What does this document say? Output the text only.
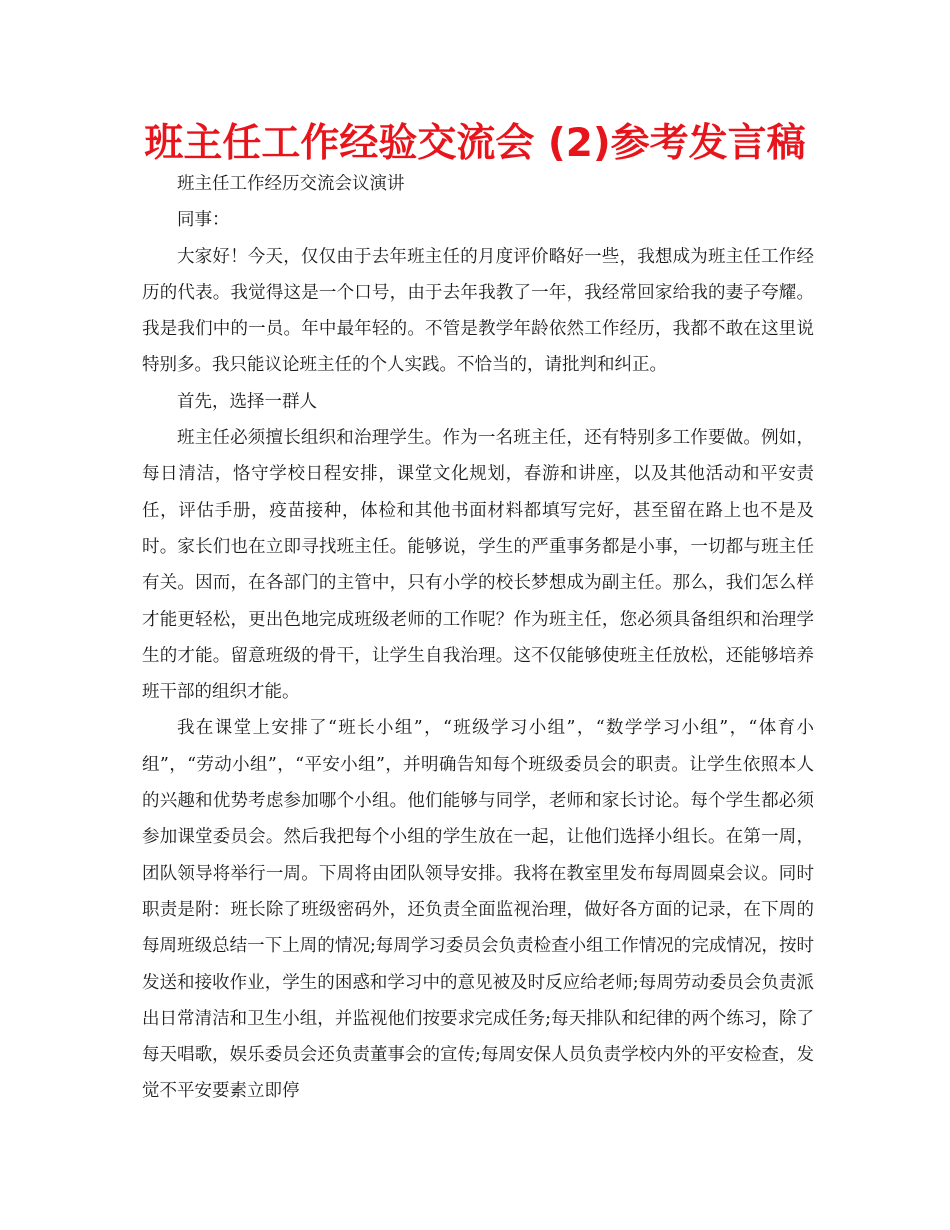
班主任工作经验交流会 (2)参考发言稿

班主任工作经历交流会议演讲

同事：

大家好！今天，仅仅由于去年班主任的月度评价略好一些，我想成为班主任工作经历的代表。我觉得这是一个口号，由于去年我教了一年，我经常回家给我的妻子夸耀。我是我们中的一员。年中最年轻的。不管是教学年龄依然工作经历，我都不敢在这里说特别多。我只能议论班主任的个人实践。不恰当的，请批判和纠正。

首先，选择一群人

班主任必须擅长组织和治理学生。作为一名班主任，还有特别多工作要做。例如，每日清洁，恪守学校日程安排，课堂文化规划，春游和讲座，以及其他活动和平安责任，评估手册，疫苗接种，体检和其他书面材料都填写完好，甚至留在路上也不是及时。家长们也在立即寻找班主任。能够说，学生的严重事务都是小事，一切都与班主任有关。因而，在各部门的主管中，只有小学的校长梦想成为副主任。那么，我们怎么样才能更轻松，更出色地完成班级老师的工作呢？作为班主任，您必须具备组织和治理学生的才能。留意班级的骨干，让学生自我治理。这不仅能够使班主任放松，还能够培养班干部的组织才能。

我在课堂上安排了“班长小组”，“班级学习小组”，“数学学习小组”，“体育小组”，“劳动小组”，“平安小组”，并明确告知每个班级委员会的职责。让学生依照本人的兴趣和优势考虑参加哪个小组。他们能够与同学，老师和家长讨论。每个学生都必须参加课堂委员会。然后我把每个小组的学生放在一起，让他们选择小组长。在第一周，团队领导将举行一周。下周将由团队领导安排。我将在教室里发布每周圆桌会议。同时职责是附：班长除了班级密码外，还负责全面监视治理，做好各方面的记录，在下周的每周班级总结一下上周的情况;每周学习委员会负责检查小组工作情况的完成情况，按时发送和接收作业，学生的困惑和学习中的意见被及时反应给老师;每周劳动委员会负责派出日常清洁和卫生小组，并监视他们按要求完成任务;每天排队和纪律的两个练习，除了每天唱歌，娱乐委员会还负责董事会的宣传;每周安保人员负责学校内外的平安检查，发觉不平安要素立即停
